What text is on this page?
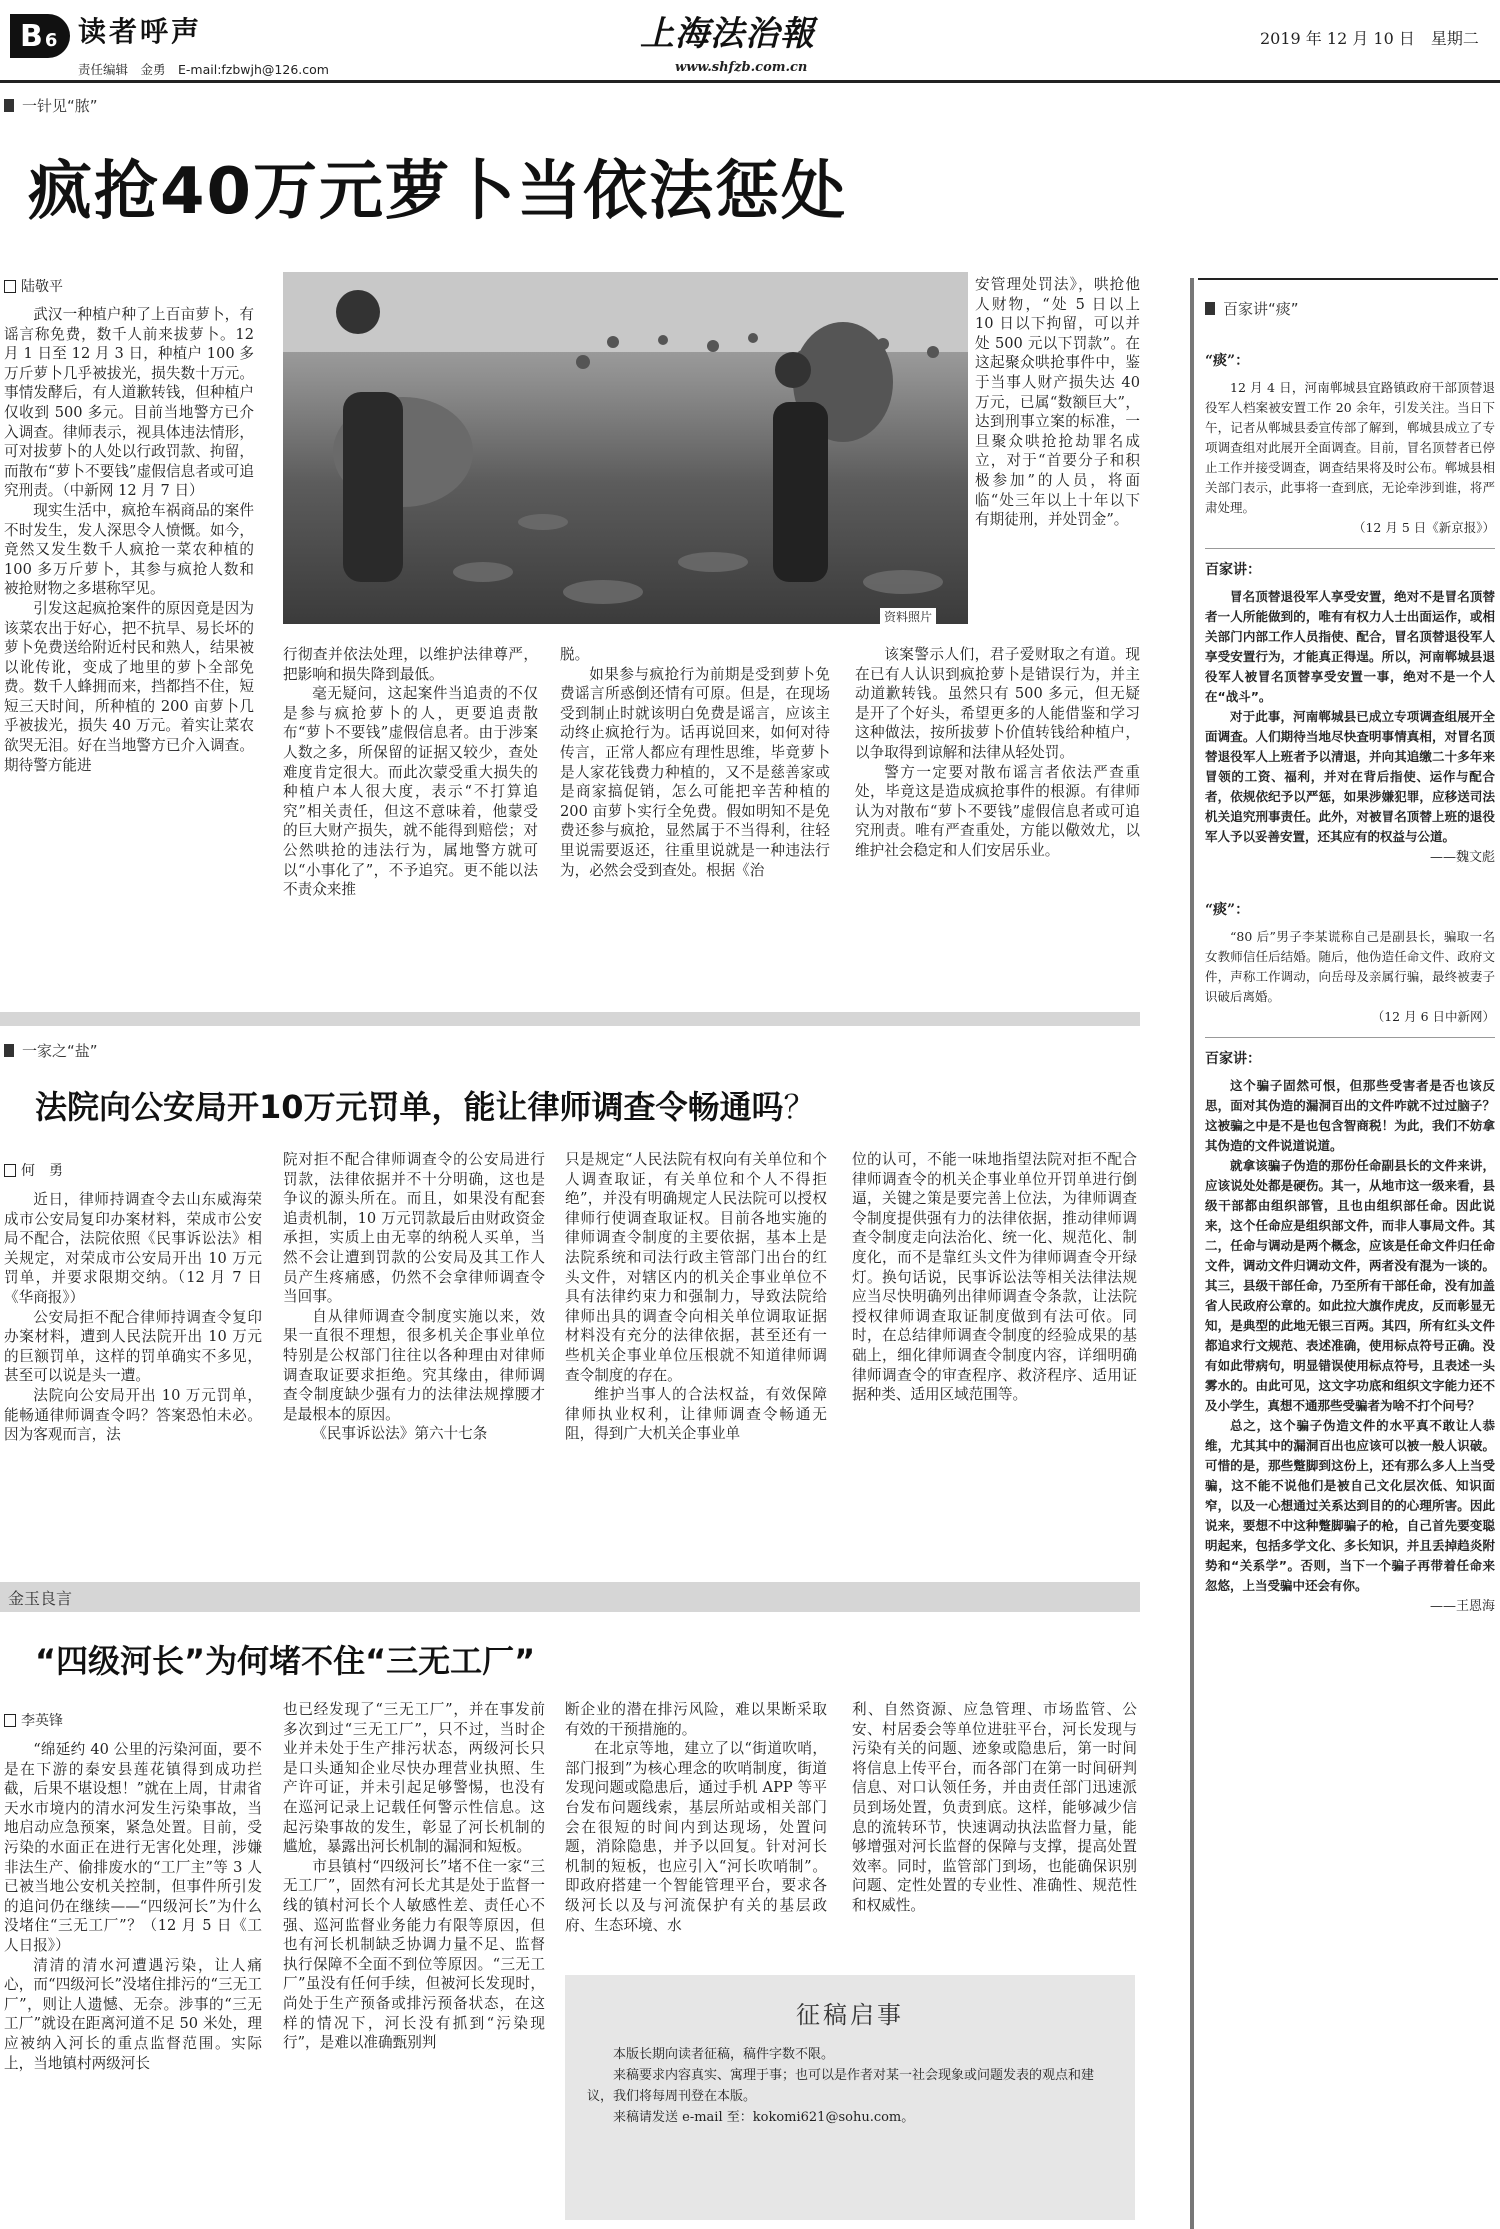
B 6 读者呼声
责任编辑　金勇　E-mail:fzbwjh@126.com
上海法治報
www.shfzb.com.cn
2019 年 12 月 10 日　星期二
一针见“脓”
疯抢40万元萝卜当依法惩处
陆敬平

武汉一种植户种了上百亩萝卜，有谣言称免费，数千人前来拔萝卜。12 月 1 日至 12 月 3 日，种植户 100 多万斤萝卜几乎被拔光，损失数十万元。事情发酵后，有人道歉转钱，但种植户仅收到 500 多元。目前当地警方已介入调查。律师表示，视具体违法情形，可对拔萝卜的人处以行政罚款、拘留，而散布“萝卜不要钱”虚假信息者或可追究刑责。（中新网 12 月 7 日）

现实生活中，疯抢车祸商品的案件不时发生，发人深思令人愤慨。如今，竟然又发生数千人疯抢一菜农种植的 100 多万斤萝卜，其参与疯抢人数和被抢财物之多堪称罕见。

引发这起疯抢案件的原因竟是因为该菜农出于好心，把不抗旱、易长坏的萝卜免费送给附近村民和熟人，结果被以讹传讹，变成了地里的萝卜全部免费。数千人蜂拥而来，挡都挡不住，短短三天时间，所种植的 200 亩萝卜几乎被拔光，损失 40 万元。着实让菜农欲哭无泪。好在当地警方已介入调查。期待警方能进

资料照片

行彻查并依法处理，以维护法律尊严，把影响和损失降到最低。

毫无疑问，这起案件当追责的不仅是参与疯抢萝卜的人，更要追责散布“萝卜不要钱”虚假信息者。由于涉案人数之多，所保留的证据又较少，查处难度肯定很大。而此次蒙受重大损失的种植户本人很大度，表示“不打算追究”相关责任，但这不意味着，他蒙受的巨大财产损失，就不能得到赔偿；对公然哄抢的违法行为，属地警方就可以“小事化了”，不予追究。更不能以法不责众来推

脱。

如果参与疯抢行为前期是受到萝卜免费谣言所惑倒还情有可原。但是，在现场受到制止时就该明白免费是谣言，应该主动终止疯抢行为。话再说回来，如何对待传言，正常人都应有理性思维，毕竟萝卜是人家花钱费力种植的，又不是慈善家或是商家搞促销，怎么可能把辛苦种植的 200 亩萝卜实行全免费。假如明知不是免费还参与疯抢，显然属于不当得利，往轻里说需要返还，往重里说就是一种违法行为，必然会受到查处。根据《治

安管理处罚法》，哄抢他人财物，“处 5 日以上 10 日以下拘留，可以并处 500 元以下罚款”。在这起聚众哄抢事件中，鉴于当事人财产损失达 40 万元，已属“数额巨大”，达到刑事立案的标准，一旦聚众哄抢抢劫罪名成立，对于“首要分子和积极参加”的人员，将面临“处三年以上十年以下有期徒刑，并处罚金”。

该案警示人们，君子爱财取之有道。现在已有人认识到疯抢萝卜是错误行为，并主动道歉转钱。虽然只有 500 多元，但无疑是开了个好头，希望更多的人能借鉴和学习这种做法，按所拔萝卜价值转钱给种植户，以争取得到谅解和法律从轻处罚。

警方一定要对散布谣言者依法严查重处，毕竟这是造成疯抢事件的根源。有律师认为对散布“萝卜不要钱”虚假信息者或可追究刑责。唯有严查重处，方能以儆效尤，以维护社会稳定和人们安居乐业。

一家之“盐”
法院向公安局开10万元罚单，能让律师调查令畅通吗？
何　勇

近日，律师持调查令去山东威海荣成市公安局复印办案材料，荣成市公安局不配合，法院依照《民事诉讼法》相关规定，对荣成市公安局开出 10 万元罚单，并要求限期交纳。（12 月 7 日《华商报》）

公安局拒不配合律师持调查令复印办案材料，遭到人民法院开出 10 万元的巨额罚单，这样的罚单确实不多见，甚至可以说是头一遭。

法院向公安局开出 10 万元罚单，能畅通律师调查令吗？答案恐怕未必。因为客观而言，法

院对拒不配合律师调查令的公安局进行罚款，法律依据并不十分明确，这也是争议的源头所在。而且，如果没有配套追责机制，10 万元罚款最后由财政资金承担，实质上由无辜的纳税人买单，当然不会让遭到罚款的公安局及其工作人员产生疼痛感，仍然不会拿律师调查令当回事。

自从律师调查令制度实施以来，效果一直很不理想，很多机关企事业单位特别是公权部门往往以各种理由对律师调查取证要求拒绝。究其缘由，律师调查令制度缺少强有力的法律法规撑腰才是最根本的原因。

《民事诉讼法》第六十七条

只是规定“人民法院有权向有关单位和个人调查取证，有关单位和个人不得拒绝”，并没有明确规定人民法院可以授权律师行使调查取证权。目前各地实施的律师调查令制度的主要依据，基本上是法院系统和司法行政主管部门出台的红头文件，对辖区内的机关企事业单位不具有法律约束力和强制力，导致法院给律师出具的调查令向相关单位调取证据材料没有充分的法律依据，甚至还有一些机关企事业单位压根就不知道律师调查令制度的存在。

维护当事人的合法权益，有效保障律师执业权利，让律师调查令畅通无阻，得到广大机关企事业单

位的认可，不能一味地指望法院对拒不配合律师调查令的机关企事业单位开罚单进行倒逼，关键之策是要完善上位法，为律师调查令制度提供强有力的法律依据，推动律师调查令制度走向法治化、统一化、规范化、制度化，而不是靠红头文件为律师调查令开绿灯。换句话说，民事诉讼法等相关法律法规应当尽快明确列出律师调查令条款，让法院授权律师调查取证制度做到有法可依。同时，在总结律师调查令制度的经验成果的基础上，细化律师调查令制度内容，详细明确律师调查令的审查程序、救济程序、适用证据种类、适用区域范围等。

金玉良言
“四级河长”为何堵不住“三无工厂”
李英锋

“绵延约 40 公里的污染河面，要不是在下游的秦安县莲花镇得到成功拦截，后果不堪设想！”就在上周，甘肃省天水市境内的清水河发生污染事故，当地启动应急预案，紧急处置。目前，受污染的水面正在进行无害化处理，涉嫌非法生产、偷排废水的“工厂主”等 3 人已被当地公安机关控制，但事件所引发的追问仍在继续——“四级河长”为什么没堵住“三无工厂”？（12 月 5 日《工人日报》）

清清的清水河遭遇污染，让人痛心，而“四级河长”没堵住排污的“三无工厂”，则让人遗憾、无奈。涉事的“三无工厂”就设在距离河道不足 50 米处，理应被纳入河长的重点监督范围。实际上，当地镇村两级河长

也已经发现了“三无工厂”，并在事发前多次到过“三无工厂”，只不过，当时企业并未处于生产排污状态，两级河长只是口头通知企业尽快办理营业执照、生产许可证，并未引起足够警惕，也没有在巡河记录上记载任何警示性信息。这起污染事故的发生，彰显了河长机制的尴尬，暴露出河长机制的漏洞和短板。

市县镇村“四级河长”堵不住一家“三无工厂”，固然有河长尤其是处于监督一线的镇村河长个人敏感性差、责任心不强、巡河监督业务能力有限等原因，但也有河长机制缺乏协调力量不足、监督执行保障不全面不到位等原因。“三无工厂”虽没有任何手续，但被河长发现时，尚处于生产预备或排污预备状态，在这样的情况下，河长没有抓到“污染现行”，是难以准确甄别判

断企业的潜在排污风险，难以果断采取有效的干预措施的。

在北京等地，建立了以“街道吹哨，部门报到”为核心理念的吹哨制度，街道发现问题或隐患后，通过手机 APP 等平台发布问题线索，基层所站或相关部门会在很短的时间内到达现场，处置问题，消除隐患，并予以回复。针对河长机制的短板，也应引入“河长吹哨制”。即政府搭建一个智能管理平台，要求各级河长以及与河流保护有关的基层政府、生态环境、水

利、自然资源、应急管理、市场监管、公安、村居委会等单位进驻平台，河长发现与污染有关的问题、迹象或隐患后，第一时间将信息上传平台，而各部门在第一时间研判信息、对口认领任务，并由责任部门迅速派员到场处置，负责到底。这样，能够减少信息的流转环节，快速调动执法监督力量，能够增强对河长监督的保障与支撑，提高处置效率。同时，监管部门到场，也能确保识别问题、定性处置的专业性、准确性、规范性和权威性。

征稿启事
本版长期向读者征稿，稿件字数不限。
来稿要求内容真实、寓理于事；也可以是作者对某一社会现象或问题发表的观点和建议，我们将每周刊登在本版。
来稿请发送 e-mail 至：kokomi621@sohu.com。
百家讲“痰”
“痰”：
12 月 4 日，河南郸城县宜路镇政府干部顶替退役军人档案被安置工作 20 余年，引发关注。当日下午，记者从郸城县委宣传部了解到，郸城县成立了专项调查组对此展开全面调查。目前，冒名顶替者已停止工作并接受调查，调查结果将及时公布。郸城县相关部门表示，此事将一查到底，无论牵涉到谁，将严肃处理。
（12 月 5 日《新京报》）
百家讲：
冒名顶替退役军人享受安置，绝对不是冒名顶替者一人所能做到的，唯有有权力人士出面运作，或相关部门内部工作人员指使、配合，冒名顶替退役军人享受安置行为，才能真正得逞。所以，河南郸城县退役军人被冒名顶替享受安置一事，绝对不是一个人在“战斗”。
对于此事，河南郸城县已成立专项调查组展开全面调查。人们期待当地尽快查明事情真相，对冒名顶替退役军人上班者予以清退，并向其追缴二十多年来冒领的工资、福利，并对在背后指使、运作与配合者，依规依纪予以严惩，如果涉嫌犯罪，应移送司法机关追究刑事责任。此外，对被冒名顶替上班的退役军人予以妥善安置，还其应有的权益与公道。
——魏文彪
“痰”：
“80 后”男子李某谎称自己是副县长，骗取一名女教师信任后结婚。随后，他伪造任命文件、政府文件，声称工作调动，向岳母及亲属行骗，最终被妻子识破后离婚。
（12 月 6 日中新网）
百家讲：
这个骗子固然可恨，但那些受害者是否也该反思，面对其伪造的漏洞百出的文件咋就不过过脑子？这被骗之中是不是也包含智商税！为此，我们不妨拿其伪造的文件说道说道。
就拿该骗子伪造的那份任命副县长的文件来讲，应该说处处都是硬伤。其一，从地市这一级来看，县级干部都由组织部管，且也由组织部任命。因此说来，这个任命应是组织部文件，而非人事局文件。其二，任命与调动是两个概念，应该是任命文件归任命文件，调动文件归调动文件，两者没有混为一谈的。其三，县级干部任命，乃至所有干部任命，没有加盖省人民政府公章的。如此拉大旗作虎皮，反而彰显无知，是典型的此地无银三百两。其四，所有红头文件都追求行文规范、表述准确，使用标点符号正确。没有如此带病句，明显错误使用标点符号，且表述一头雾水的。由此可见，这文字功底和组织文字能力还不及小学生，真想不通那些受骗者为啥不打个问号？
总之，这个骗子伪造文件的水平真不敢让人恭维，尤其其中的漏洞百出也应该可以被一般人识破。可惜的是，那些蹩脚到这份上，还有那么多人上当受骗，这不能不说他们是被自己文化层次低、知识面窄，以及一心想通过关系达到目的的心理所害。因此说来，要想不中这种蹩脚骗子的枪，自己首先要变聪明起来，包括多学文化、多长知识，并且丢掉趋炎附势和“关系学”。否则，当下一个骗子再带着任命来忽悠，上当受骗中还会有你。
——王恩海
